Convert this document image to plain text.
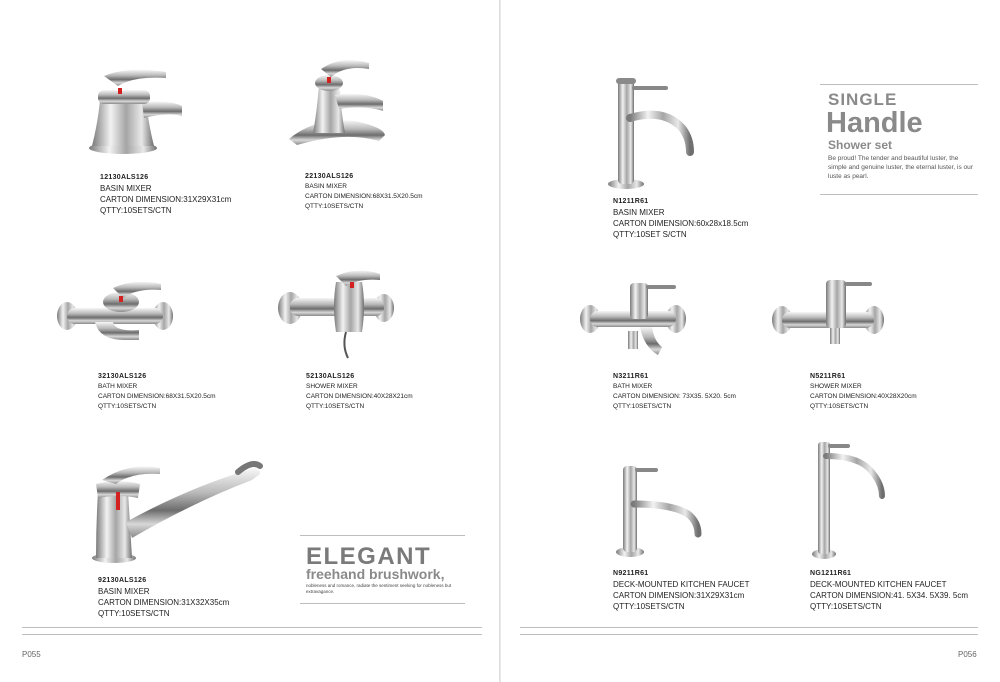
12130ALS126
BASIN MIXER
CARTON DIMENSION:31X29X31cm
QTTY:10SETS/CTN
22130ALS126
BASIN MIXER
CARTON DIMENSION:68X31.5X20.5cm
QTTY:10SETS/CTN
32130ALS126
BATH MIXER
CARTON DIMENSION:68X31.5X20.5cm
QTTY:10SETS/CTN
52130ALS126
SHOWER MIXER
CARTON DIMENSION:40X28X21cm
QTTY:10SETS/CTN
92130ALS126
BASIN MIXER
CARTON DIMENSION:31X32X35cm
QTTY:10SETS/CTN
ELEGANT
freehand brushwork,
nobleness and romance, radiate the sentiment seeking for nobleness but extravagance.
P055
N1211R61
BASIN MIXER
CARTON DIMENSION:60x28x18.5cm
QTTY:10SET S/CTN
SINGLE
Handle
Shower set
Be proud! The tender and beautiful luster, the simple and genuine luster, the eternal luster, is our luste as pearl.
N3211R61
BATH MIXER
CARTON DIMENSION: 73X35. 5X20. 5cm
QTTY:10SETS/CTN
N5211R61
SHOWER MIXER
CARTON DIMENSION:40X28X20cm
QTTY:10SETS/CTN
N9211R61
DECK-MOUNTED KITCHEN FAUCET
CARTON DIMENSION:31X29X31cm
QTTY:10SETS/CTN
NG1211R61
DECK-MOUNTED KITCHEN FAUCET
CARTON DIMENSION:41. 5X34. 5X39. 5cm
QTTY:10SETS/CTN
P056
